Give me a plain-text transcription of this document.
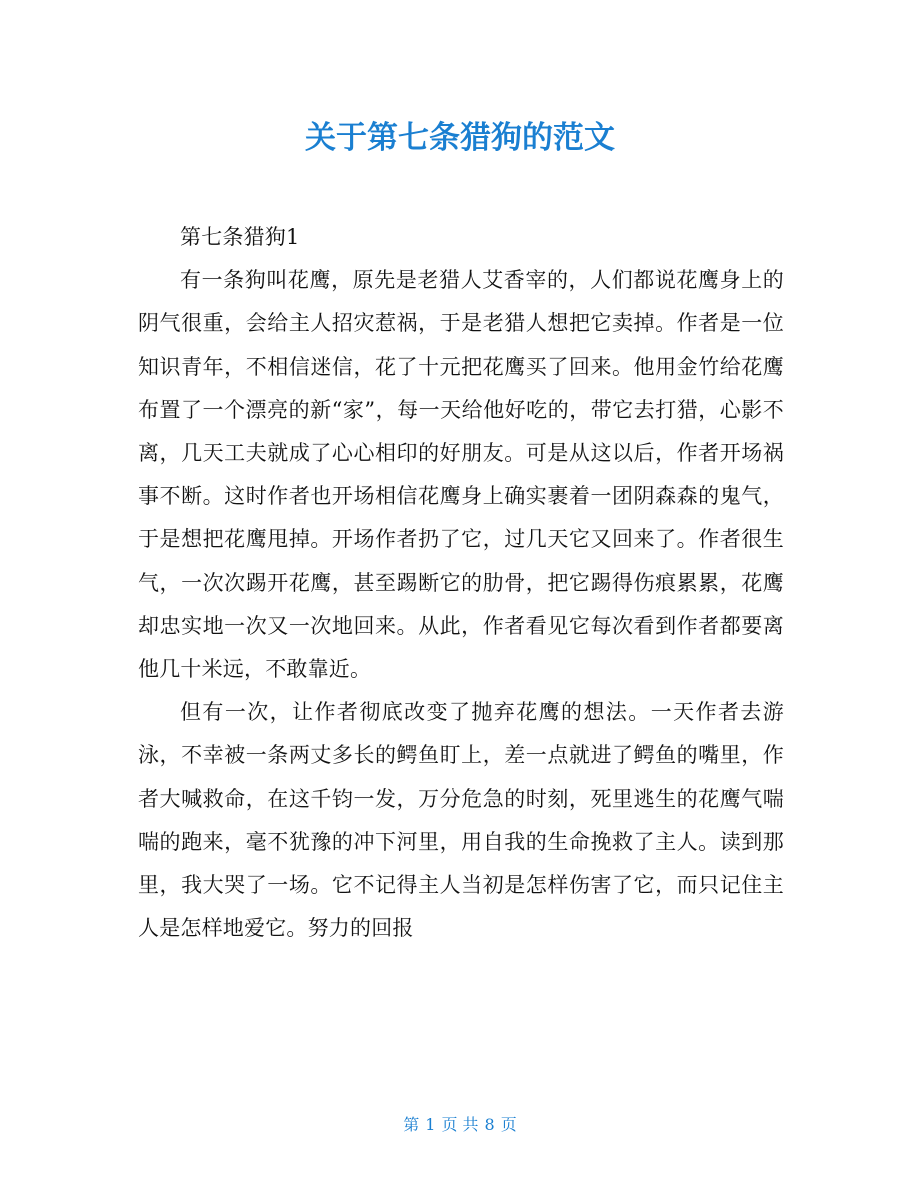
关于第七条猎狗的范文

第七条猎狗1

有一条狗叫花鹰，原先是老猎人艾香宰的，人们都说花鹰身上的阴气很重，会给主人招灾惹祸，于是老猎人想把它卖掉。作者是一位知识青年，不相信迷信，花了十元把花鹰买了回来。他用金竹给花鹰布置了一个漂亮的新“家”，每一天给他好吃的，带它去打猎，心影不离，几天工夫就成了心心相印的好朋友。可是从这以后，作者开场祸事不断。这时作者也开场相信花鹰身上确实裹着一团阴森森的鬼气，于是想把花鹰甩掉。开场作者扔了它，过几天它又回来了。作者很生气，一次次踢开花鹰，甚至踢断它的肋骨，把它踢得伤痕累累，花鹰却忠实地一次又一次地回来。从此，作者看见它每次看到作者都要离他几十米远，不敢靠近。

但有一次，让作者彻底改变了抛弃花鹰的想法。一天作者去游泳，不幸被一条两丈多长的鳄鱼盯上，差一点就进了鳄鱼的嘴里，作者大喊救命，在这千钧一发，万分危急的时刻，死里逃生的花鹰气喘喘的跑来，毫不犹豫的冲下河里，用自我的生命挽救了主人。读到那里，我大哭了一场。它不记得主人当初是怎样伤害了它，而只记住主人是怎样地爱它。努力的回报

第 1 页 共 8 页
